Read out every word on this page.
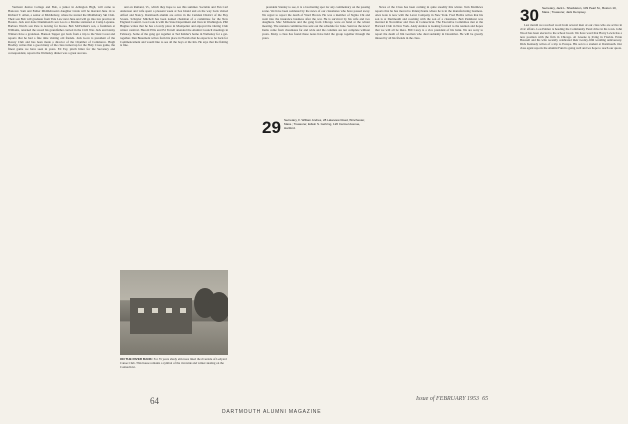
Vermont Justice College and Bob, a junior in Arlington High, will come to Hanover. Sam and Esther Middlebrook's daughter Linda will be married June 14 to Richard T. Allen, a senior at Middlebury, where he started the Middlebury Ski Club. Their son Bob will graduate from Yale Law next June and will go into law practice in Boston. Jack and Josie Drummond's son Leo is a Marine stationed at Camp Lejeune. Barbara Ward's son Pete is leaving for Korea. Bob McFadden's son, a freshman at Williams, returned the sword his grandfather carried in the Civil War. Jack and Ginny Winters have a grandson. Hanson Tupper got back from a trip to the West Coast and reports that he had a fine time visiting old friends. Jack Gove is president of the Rotary Club and has been made a director of the Chamber of Commerce. Hugh Brodley writes that a good many of the class turned up for the Holy Cross game, the finest game we have seen in years. Ed Fay, pinch hitter for the Secretary and correspondent, reports the Wellesley dinner was a great success.

and on Rutland, Vt., which they hope to see this summer. Sociable and Fun Carl Anderson and wife spent a pleasant week at Sea Island and on the way back visited Alfred and Nancy. Dartmouth alumni are active in the Camden District of the Boy Scouts. Schuyler Mitchell has been named chairman of a committee for the New England Council. Lou Cook is with the State Department and lives in Washington. Phil Hughes writes that he has a lovely place in Montpelier and enjoyed the Outing Club winter carnival. Harold Ellis and Ed Ferrell attended the Alumni Council meetings in February. Some of the gang got together at Ted Kidder's home in Wellesley for a get-together. Dan Beaumont writes from his place in Florida that he expects to be back for Commencement and would like to see all the boys at the Inn. He says that the fishing is fine.

ON THE RIVER BANK: For 35 years shady elm trees lined the riverside of Ledyard Canoe Club. This house remains a symbol of the riverside and winter skating on the Connecticut.

president Stanley to see, it is a fascinating spot for any commentary on the passing scene. We have been saddened by the news of our classmates who have passed away. We regret to report the death of Ward Brown. He was a member of Sigma Chi and went into the insurance business after the war. He is survived by his wife and two daughters. Mac McKenzie and the gang from Chicago were on hand at the winter meeting. The reunion committee has sent out the schedule for June. Send us the news! Items come from classmates far and wide and the columns are not complete without yours. Many a class has found these notes have held the group together through the years.

29 Secretary, F. William Andres, 28 Lakeview Road, Winchester, Mass.; Treasurer, Edwin S. Gehring, 120 Carmel Avenue, Hartford.

News of the Class has been coming in quite steadily this winter. Tom Matthews reports that he has moved to Pennsylvania where he is in the manufacturing business. Alex Gale is now with the Lever Company in New York. Fred Hobbs writes that his son is at Dartmouth and rooming with the son of a classmate. Bob Parkhurst was married in November and lives in Connecticut. The Executive Committee met at the Harvard Club in New York. Andy Andres is looking forward to the reunion and hopes that we will all be there. Bill Carey is a vice president of his bank. We are sorry to report the death of Jim Gorman who died suddenly in December. He will be greatly missed by all his friends in the class.

30 Secretary, Jack L. Shackleton, 109 Pearl St., Boston 10, Mass.; Treasurer, Jack Dempsey.

Last month we received word from several men of our class who are active in civic affairs. Lou Palmer is heading the Community Fund drive in his town. John Wood has been elected to the school board. We have word that Harry Lewis has a new position with the firm in Chicago. Al Greene is living in Florida. Ernie Buswell and his wife recently celebrated their twenty-fifth wedding anniversary. Dick Kennedy writes of a trip to Europe. His son is a student at Dartmouth. Our class agent reports the Alumni Fund is going well and we hope to reach our quota.

64	Issue of FEBRUARY 1953 65
DARTMOUTH ALUMNI MAGAZINE
